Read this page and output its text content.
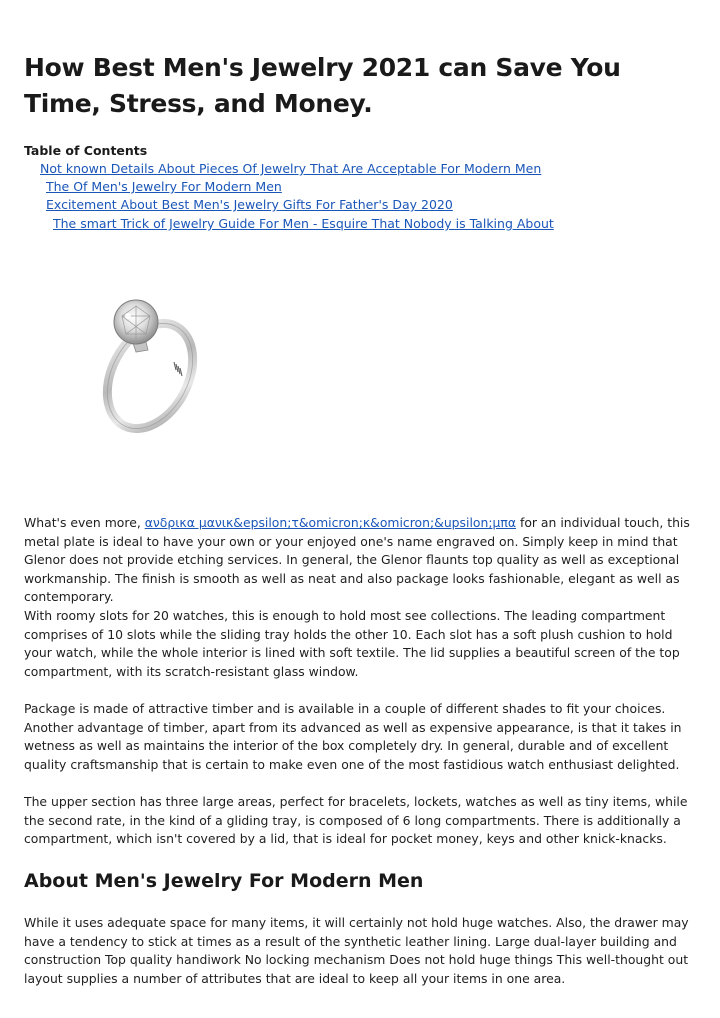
How Best Men's Jewelry 2021 can Save You Time, Stress, and Money.
Table of Contents
Not known Details About Pieces Of Jewelry That Are Acceptable For Modern Men
The Of Men's Jewelry For Modern Men
Excitement About Best Men's Jewelry Gifts For Father's Day 2020
The smart Trick of Jewelry Guide For Men - Esquire That Nobody is Talking About

What's even more, ανδρικα μανικ&epsilon;τ&omicron;κ&omicron;&upsilon;μπα for an individual touch, this metal plate is ideal to have your own or your enjoyed one's name engraved on. Simply keep in mind that Glenor does not provide etching services. In general, the Glenor flaunts top quality as well as exceptional workmanship. The finish is smooth as well as neat and also package looks fashionable, elegant as well as contemporary.

With roomy slots for 20 watches, this is enough to hold most see collections. The leading compartment comprises of 10 slots while the sliding tray holds the other 10. Each slot has a soft plush cushion to hold your watch, while the whole interior is lined with soft textile. The lid supplies a beautiful screen of the top compartment, with its scratch-resistant glass window.

Package is made of attractive timber and is available in a couple of different shades to fit your choices. Another advantage of timber, apart from its advanced as well as expensive appearance, is that it takes in wetness as well as maintains the interior of the box completely dry. In general, durable and of excellent quality craftsmanship that is certain to make even one of the most fastidious watch enthusiast delighted.

The upper section has three large areas, perfect for bracelets, lockets, watches as well as tiny items, while the second rate, in the kind of a gliding tray, is composed of 6 long compartments. There is additionally a compartment, which isn't covered by a lid, that is ideal for pocket money, keys and other knick-knacks.

About Men's Jewelry For Modern Men

While it uses adequate space for many items, it will certainly not hold huge watches. Also, the drawer may have a tendency to stick at times as a result of the synthetic leather lining. Large dual-layer building and construction Top quality handiwork No locking mechanism Does not hold huge things This well-thought out layout supplies a number of attributes that are ideal to keep all your items in one area.
